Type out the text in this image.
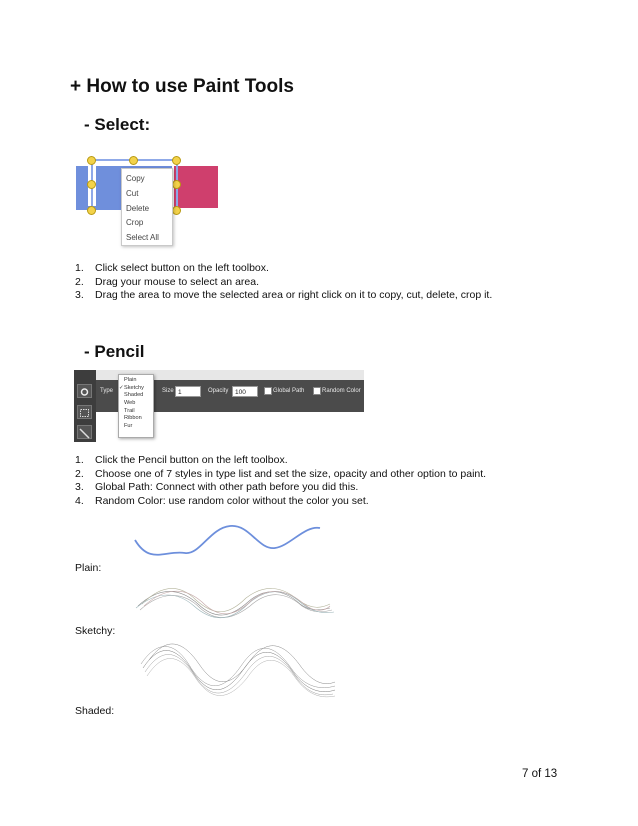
+ How to use Paint Tools
- Select:
Copy
Cut
Delete
Crop
Select All
1.	Click select button on the left toolbox.
2.	Drag your mouse to select an area.
3.	Drag the area to move the selected area or right click on it to copy, cut, delete, crop it.
- Pencil
Type	Size 1	Opacity	100	Global Path	Random Color
Plain
✓ Sketchy
Shaded
Web
Trail
Ribbon
Fur
1.	Click the Pencil button on the left toolbox.
2.	Choose one of 7 styles in type list and set the size, opacity and other option to paint.
3.	Global Path: Connect with other path before you did this.
4.	Random Color: use random color without the color you set.
Plain:
Sketchy:
Shaded:
7 of 13
